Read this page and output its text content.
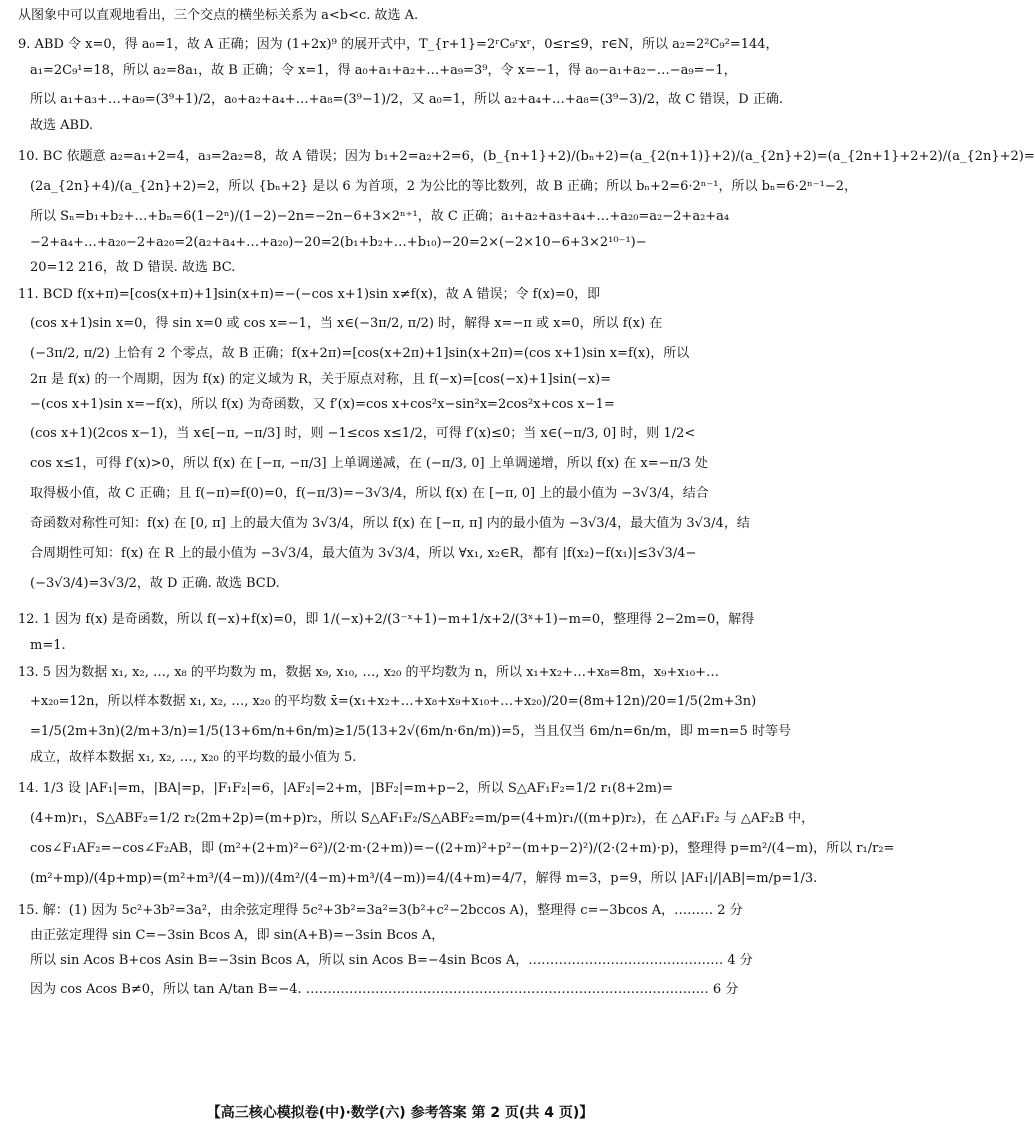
从图象中可以直观地看出，三个交点的横坐标关系为 a<b<c. 故选 A.
9. ABD 令 x=0，得 a₀=1，故 A 正确；因为 (1+2x)⁹ 的展开式中，T_{r+1}=2ʳC₉ʳxʳ，0≤r≤9，r∈N，所以 a₂=2²C₉²=144，
a₁=2C₉¹=18，所以 a₂=8a₁，故 B 正确；令 x=1，得 a₀+a₁+a₂+…+a₉=3⁹，令 x=−1，得 a₀−a₁+a₂−…−a₉=−1，
所以 a₁+a₃+…+a₉=(3⁹+1)/2，a₀+a₂+a₄+…+a₈=(3⁹−1)/2，又 a₀=1，所以 a₂+a₄+…+a₈=(3⁹−3)/2，故 C 错误，D 正确.
故选 ABD.
10. BC 依题意 a₂=a₁+2=4，a₃=2a₂=8，故 A 错误；因为 b₁+2=a₂+2=6，(b_{n+1}+2)/(bₙ+2)=(a_{2(n+1)}+2)/(a_{2n}+2)=(a_{2n+1}+2+2)/(a_{2n}+2)=
(2a_{2n}+4)/(a_{2n}+2)=2，所以 {bₙ+2} 是以 6 为首项，2 为公比的等比数列，故 B 正确；所以 bₙ+2=6·2ⁿ⁻¹，所以 bₙ=6·2ⁿ⁻¹−2，
所以 Sₙ=b₁+b₂+…+bₙ=6(1−2ⁿ)/(1−2)−2n=−2n−6+3×2ⁿ⁺¹，故 C 正确；a₁+a₂+a₃+a₄+…+a₂₀=a₂−2+a₂+a₄
−2+a₄+…+a₂₀−2+a₂₀=2(a₂+a₄+…+a₂₀)−20=2(b₁+b₂+…+b₁₀)−20=2×(−2×10−6+3×2¹⁰⁻¹)−
20=12 216，故 D 错误. 故选 BC.
11. BCD f(x+π)=[cos(x+π)+1]sin(x+π)=−(−cos x+1)sin x≠f(x)，故 A 错误；令 f(x)=0，即
(cos x+1)sin x=0，得 sin x=0 或 cos x=−1，当 x∈(−3π/2, π/2) 时，解得 x=−π 或 x=0，所以 f(x) 在
(−3π/2, π/2) 上恰有 2 个零点，故 B 正确；f(x+2π)=[cos(x+2π)+1]sin(x+2π)=(cos x+1)sin x=f(x)，所以
2π 是 f(x) 的一个周期，因为 f(x) 的定义域为 R，关于原点对称，且 f(−x)=[cos(−x)+1]sin(−x)=
−(cos x+1)sin x=−f(x)，所以 f(x) 为奇函数，又 f′(x)=cos x+cos²x−sin²x=2cos²x+cos x−1=
(cos x+1)(2cos x−1)，当 x∈[−π, −π/3] 时，则 −1≤cos x≤1/2，可得 f′(x)≤0；当 x∈(−π/3, 0] 时，则 1/2<
cos x≤1，可得 f′(x)>0，所以 f(x) 在 [−π, −π/3] 上单调递减，在 (−π/3, 0] 上单调递增，所以 f(x) 在 x=−π/3 处
取得极小值，故 C 正确；且 f(−π)=f(0)=0，f(−π/3)=−3√3/4，所以 f(x) 在 [−π, 0] 上的最小值为 −3√3/4，结合
奇函数对称性可知：f(x) 在 [0, π] 上的最大值为 3√3/4，所以 f(x) 在 [−π, π] 内的最小值为 −3√3/4，最大值为 3√3/4，结
合周期性可知：f(x) 在 R 上的最小值为 −3√3/4，最大值为 3√3/4，所以 ∀x₁, x₂∈R，都有 |f(x₂)−f(x₁)|≤3√3/4−
(−3√3/4)=3√3/2，故 D 正确. 故选 BCD.
12. 1 因为 f(x) 是奇函数，所以 f(−x)+f(x)=0，即 1/(−x)+2/(3⁻ˣ+1)−m+1/x+2/(3ˣ+1)−m=0，整理得 2−2m=0，解得
m=1.
13. 5 因为数据 x₁, x₂, …, x₈ 的平均数为 m，数据 x₉, x₁₀, …, x₂₀ 的平均数为 n，所以 x₁+x₂+…+x₈=8m，x₉+x₁₀+…
+x₂₀=12n，所以样本数据 x₁, x₂, …, x₂₀ 的平均数 x̄=(x₁+x₂+…+x₈+x₉+x₁₀+…+x₂₀)/20=(8m+12n)/20=1/5(2m+3n)
=1/5(2m+3n)(2/m+3/n)=1/5(13+6m/n+6n/m)≥1/5(13+2√(6m/n·6n/m))=5，当且仅当 6m/n=6n/m，即 m=n=5 时等号
成立，故样本数据 x₁, x₂, …, x₂₀ 的平均数的最小值为 5.
14. 1/3 设 |AF₁|=m，|BA|=p，|F₁F₂|=6，|AF₂|=2+m，|BF₂|=m+p−2，所以 S△AF₁F₂=1/2 r₁(8+2m)=
(4+m)r₁，S△ABF₂=1/2 r₂(2m+2p)=(m+p)r₂，所以 S△AF₁F₂/S△ABF₂=m/p=(4+m)r₁/((m+p)r₂)，在 △AF₁F₂ 与 △AF₂B 中，
cos∠F₁AF₂=−cos∠F₂AB，即 (m²+(2+m)²−6²)/(2·m·(2+m))=−((2+m)²+p²−(m+p−2)²)/(2·(2+m)·p)，整理得 p=m²/(4−m)，所以 r₁/r₂=
(m²+mp)/(4p+mp)=(m²+m³/(4−m))/(4m²/(4−m)+m³/(4−m))=4/(4+m)=4/7，解得 m=3，p=9，所以 |AF₁|/|AB|=m/p=1/3.
15. 解：(1) 因为 5c²+3b²=3a²，由余弦定理得 5c²+3b²=3a²=3(b²+c²−2bccos A)，整理得 c=−3bcos A，……… 2 分
由正弦定理得 sin C=−3sin Bcos A，即 sin(A+B)=−3sin Bcos A，
所以 sin Acos B+cos Asin B=−3sin Bcos A，所以 sin Acos B=−4sin Bcos A，……………………………………… 4 分
因为 cos Acos B≠0，所以 tan A/tan B=−4. ………………………………………………………………………………… 6 分
【高三核心模拟卷(中)·数学(六) 参考答案 第 2 页(共 4 页)】
